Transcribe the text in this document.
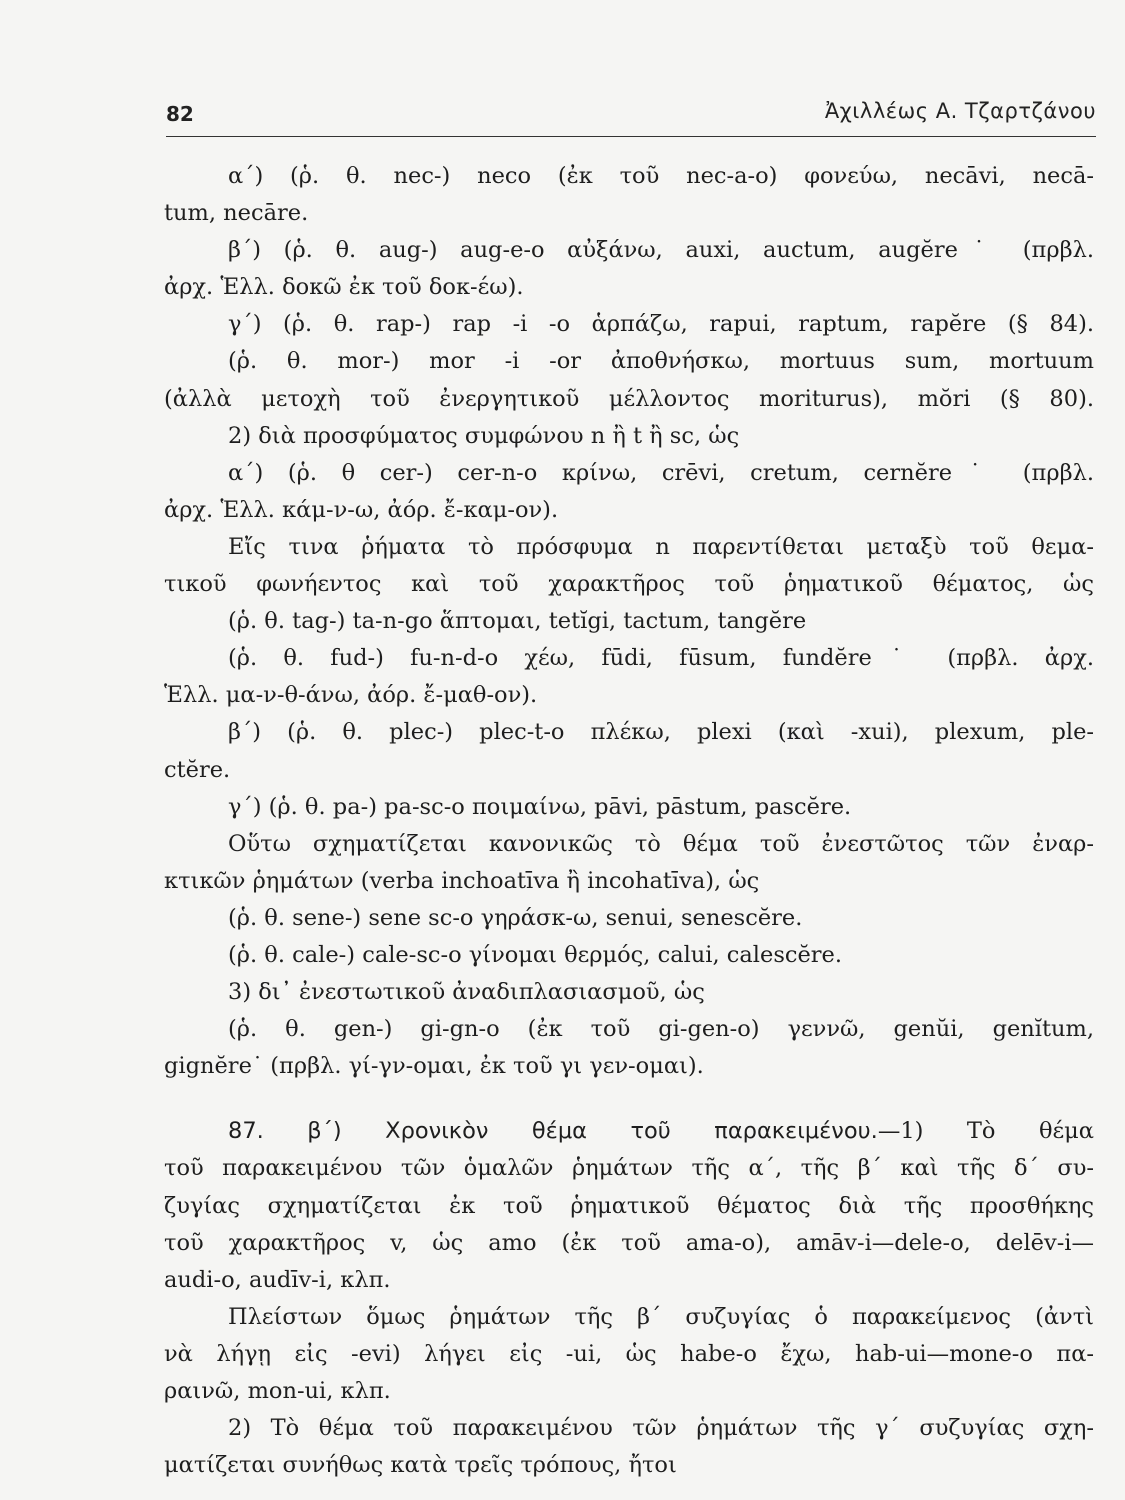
82	Ἀχιλλέως Α. Τζαρτζάνου
α΄) (ῥ. θ. nec-) neco (ἐκ τοῦ nec-a-o) φονεύω, necāvi, necā-
tum, necāre.
β΄) (ῥ. θ. aug-) aug-e-o αὐξάνω, auxi, auctum, augĕre˙ (πρβλ.
ἀρχ. Ἑλλ. δοκῶ ἐκ τοῦ δοκ-έω).
γ΄) (ῥ. θ. rap-) rap -i -o ἁρπάζω, rapui, raptum, rapĕre (§ 84).
(ῥ. θ. mor-) mor -i -or ἀποθνήσκω, mortuus sum, mortuum
(ἀλλὰ μετοχὴ τοῦ ἐνεργητικοῦ μέλλοντος moriturus), mŏri (§ 80).
2) διὰ προσφύματος συμφώνου n ἢ t ἢ sc, ὡς
α΄) (ῥ. θ cer-) cer-n-o κρίνω, crēvi, cretum, cernĕre˙ (πρβλ.
ἀρχ. Ἑλλ. κάμ-ν-ω, ἀόρ. ἔ-καμ-ον).
Εἴς τινα ῥήματα τὸ πρόσφυμα n παρεντίθεται μεταξὺ τοῦ θεμα-
τικοῦ φωνήεντος καὶ τοῦ χαρακτῆρος τοῦ ῥηματικοῦ θέματος, ὡς
(ῥ. θ. tag-) ta-n-go ἅπτομαι, tetĭgi, tactum, tangĕre
(ῥ. θ. fud-) fu-n-d-o χέω, fūdi, fūsum, fundĕre˙ (πρβλ. ἀρχ.
Ἑλλ. μα-ν-θ-άνω, ἀόρ. ἔ-μαθ-ον).
β΄) (ῥ. θ. plec-) plec-t-o πλέκω, plexi (καὶ -xui), plexum, ple-
ctĕre.
γ΄) (ῥ. θ. pa-) pa-sc-o ποιμαίνω, pāvi, pāstum, pascĕre.
Οὕτω σχηματίζεται κανονικῶς τὸ θέμα τοῦ ἐνεστῶτος τῶν ἐναρ-
κτικῶν ῥημάτων (verba inchoatīva ἢ incohatīva), ὡς
(ῥ. θ. sene-) sene sc-o γηράσκ-ω, senui, senescĕre.
(ῥ. θ. cale-) cale-sc-o γίνομαι θερμός, calui, calescĕre.
3) δι᾽ ἐνεστωτικοῦ ἀναδιπλασιασμοῦ, ὡς
(ῥ. θ. gen-) gi-gn-o (ἐκ τοῦ gi-gen-o) γεννῶ, genŭi, genĭtum,
gignĕre˙ (πρβλ. γί-γν-ομαι, ἐκ τοῦ γι γεν-ομαι).
87. β΄) Χρονικὸν θέμα τοῦ παρακειμένου.—1) Τὸ θέμα
τοῦ παρακειμένου τῶν ὁμαλῶν ῥημάτων τῆς α΄, τῆς β΄ καὶ τῆς δ΄ συ-
ζυγίας σχηματίζεται ἐκ τοῦ ῥηματικοῦ θέματος διὰ τῆς προσθήκης
τοῦ χαρακτῆρος v, ὡς amo (ἐκ τοῦ ama-o), amāv-i—dele-o, delēv-i—
audi-o, audīv-i, κλπ.
Πλείστων ὅμως ῥημάτων τῆς β΄ συζυγίας ὁ παρακείμενος (ἀντὶ
νὰ λήγῃ εἰς -evi) λήγει εἰς -ui, ὡς habe-o ἔχω, hab-ui—mone-o πα-
ραινῶ, mon-ui, κλπ.
2) Τὸ θέμα τοῦ παρακειμένου τῶν ῥημάτων τῆς γ΄ συζυγίας σχη-
ματίζεται συνήθως κατὰ τρεῖς τρόπους, ἤτοι
